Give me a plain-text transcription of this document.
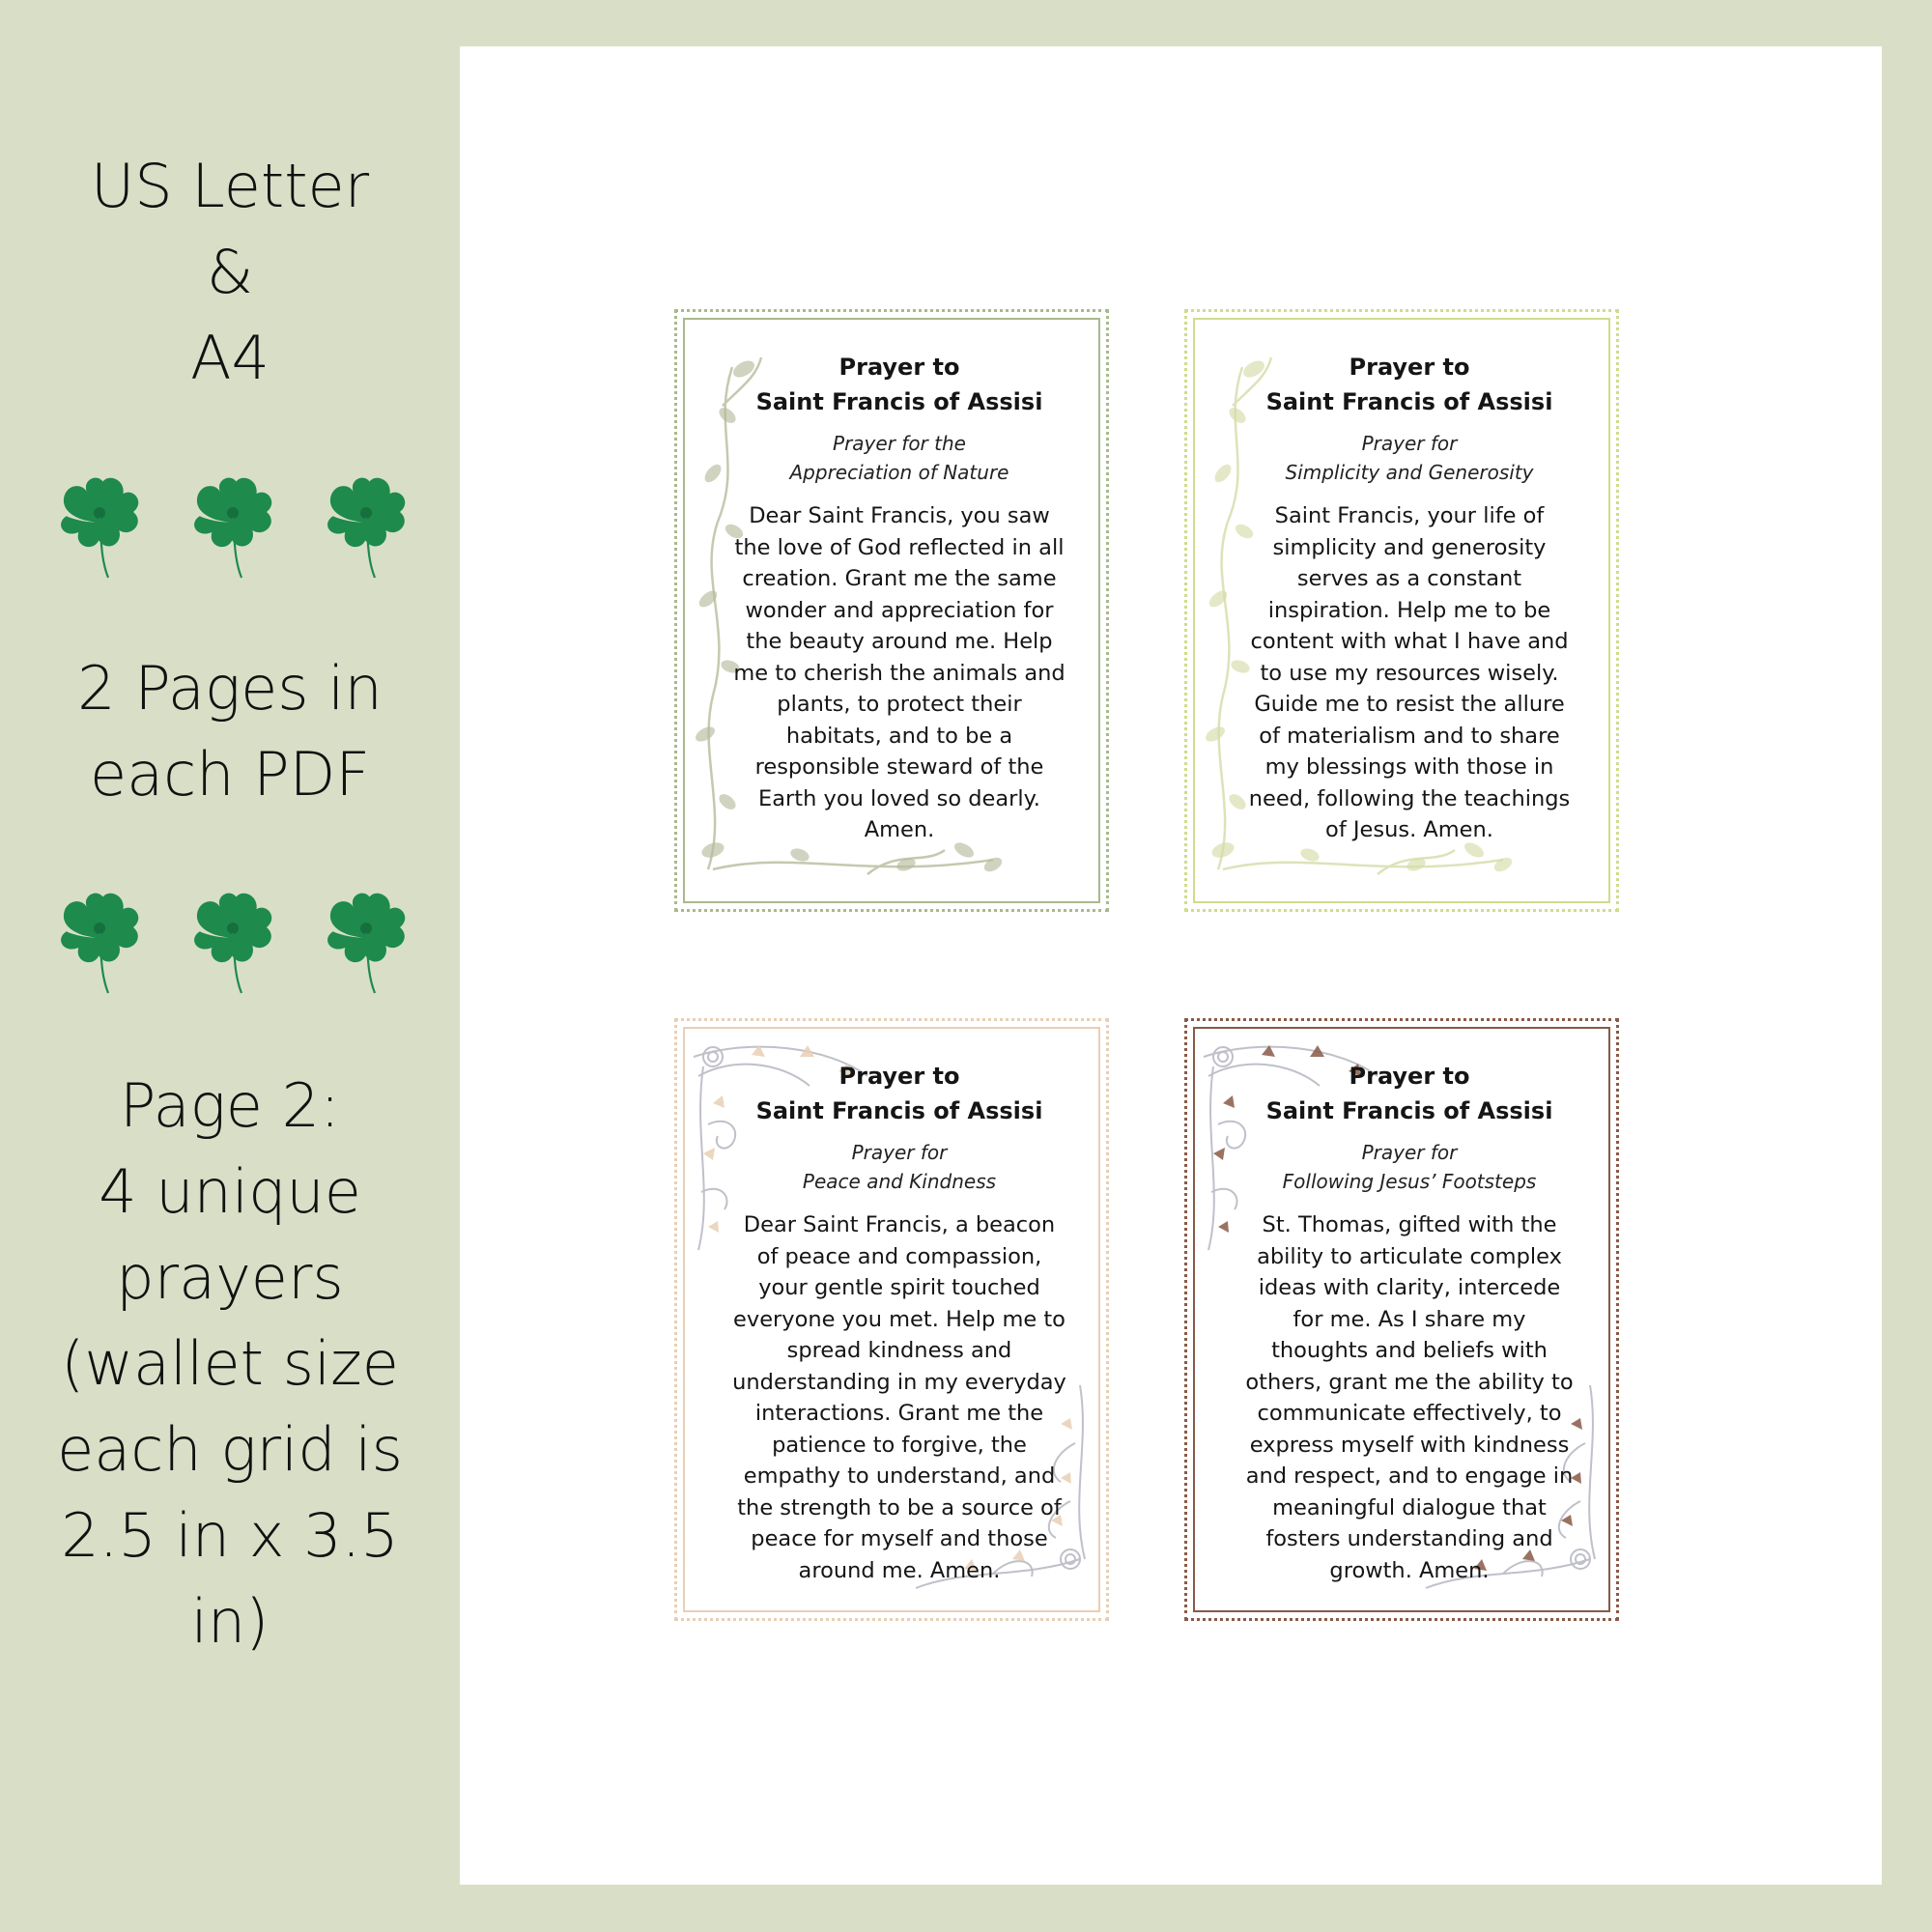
US Letter
&
A4
2 Pages in
each PDF
Page 2:
4 unique
prayers
(wallet size
each grid is
2.5 in x 3.5
in)
Prayer to
Saint Francis of Assisi
Prayer for the
Appreciation of Nature
Dear Saint Francis, you saw
the love of God reflected in all
creation. Grant me the same
wonder and appreciation for
the beauty around me. Help
me to cherish the animals and
plants, to protect their
habitats, and to be a
responsible steward of the
Earth you loved so dearly.
Amen.
Prayer to
Saint Francis of Assisi
Prayer for
Simplicity and Generosity
Saint Francis, your life of
simplicity and generosity
serves as a constant
inspiration. Help me to be
content with what I have and
to use my resources wisely.
Guide me to resist the allure
of materialism and to share
my blessings with those in
need, following the teachings
of Jesus. Amen.
Prayer to
Saint Francis of Assisi
Prayer for
Peace and Kindness
Dear Saint Francis, a beacon
of peace and compassion,
your gentle spirit touched
everyone you met. Help me to
spread kindness and
understanding in my everyday
interactions. Grant me the
patience to forgive, the
empathy to understand, and
the strength to be a source of
peace for myself and those
around me. Amen.
Prayer to
Saint Francis of Assisi
Prayer for
Following Jesus’ Footsteps
St. Thomas, gifted with the
ability to articulate complex
ideas with clarity, intercede
for me. As I share my
thoughts and beliefs with
others, grant me the ability to
communicate effectively, to
express myself with kindness
and respect, and to engage in
meaningful dialogue that
fosters understanding and
growth. Amen.
